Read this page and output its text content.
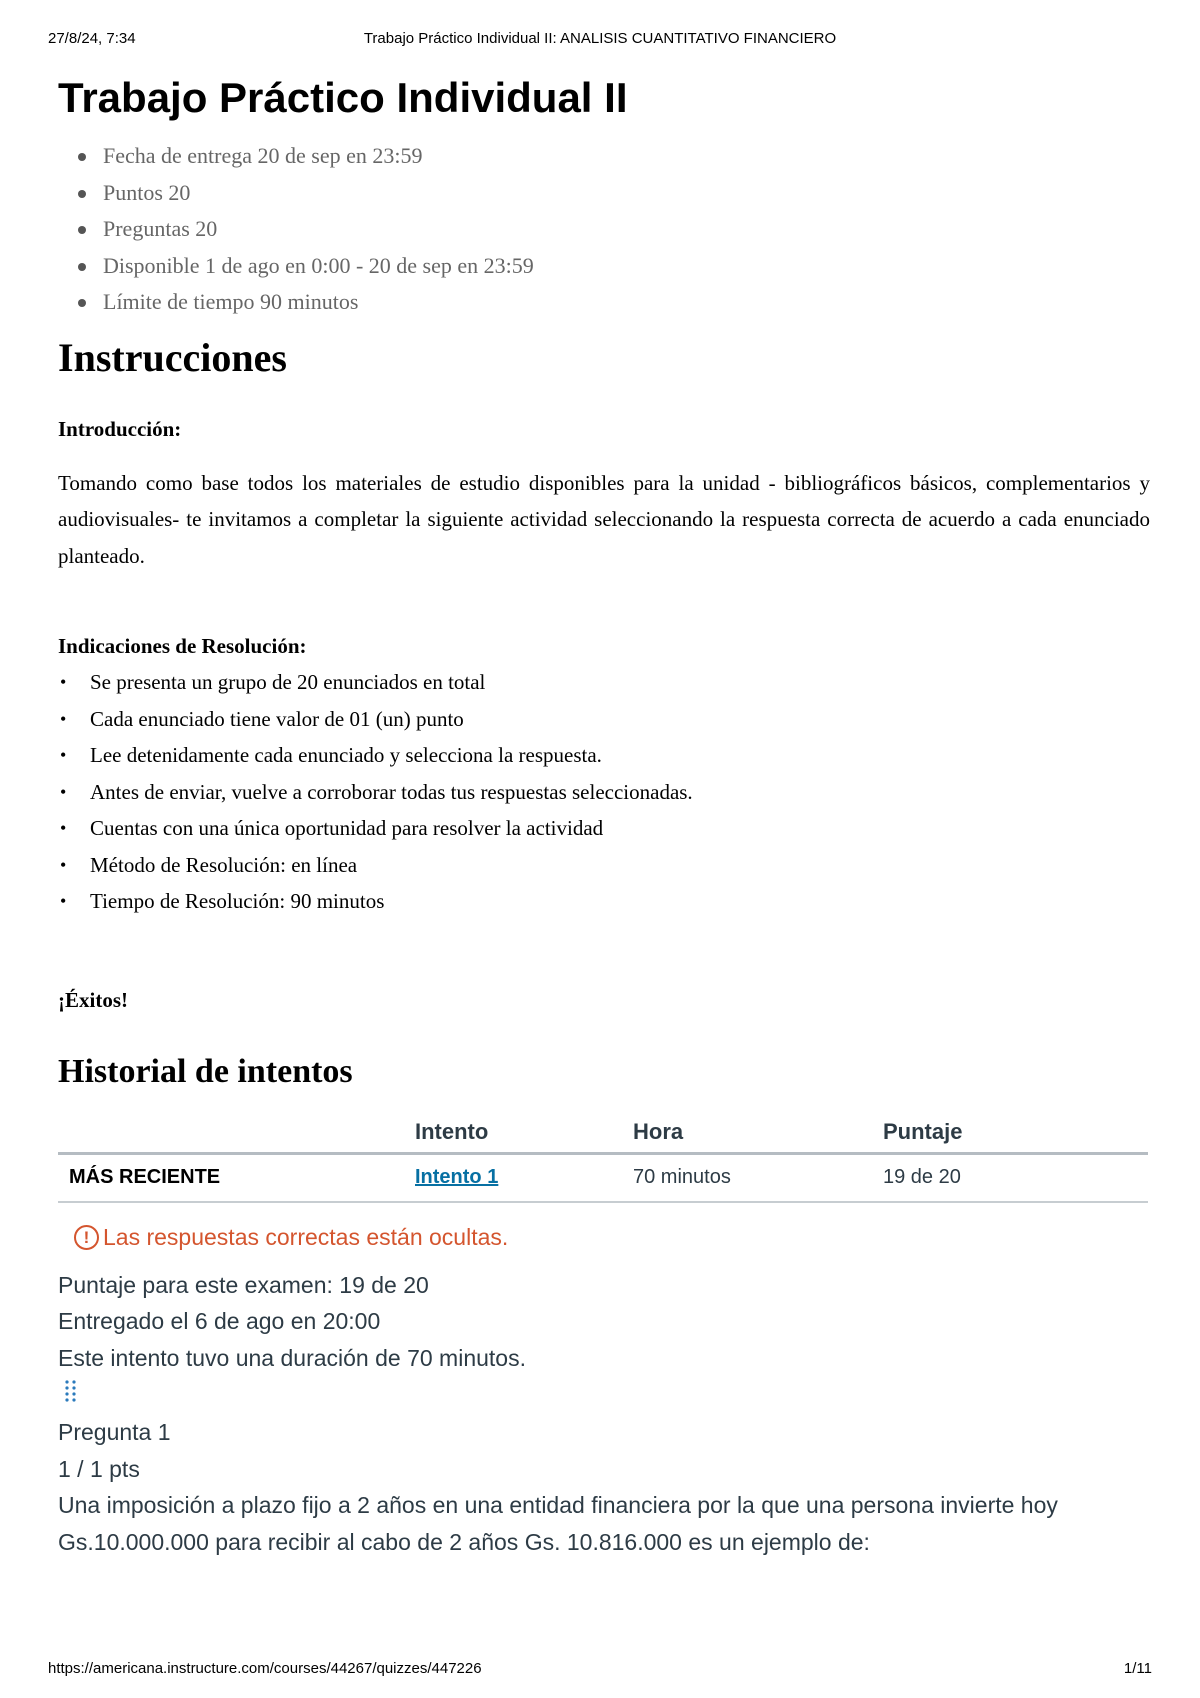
27/8/24, 7:34	Trabajo Práctico Individual II: ANALISIS CUANTITATIVO FINANCIERO
Trabajo Práctico Individual II
Fecha de entrega 20 de sep en 23:59
Puntos 20
Preguntas 20
Disponible 1 de ago en 0:00 - 20 de sep en 23:59
Límite de tiempo 90 minutos
Instrucciones
Introducción:

Tomando como base todos los materiales de estudio disponibles para la unidad - bibliográficos básicos, complementarios y audiovisuales- te invitamos a completar la siguiente actividad seleccionando la respuesta correcta de acuerdo a cada enunciado planteado.

Indicaciones de Resolución:
• Se presenta un grupo de 20 enunciados en total
• Cada enunciado tiene valor de 01 (un) punto
• Lee detenidamente cada enunciado y selecciona la respuesta.
• Antes de enviar, vuelve a corroborar todas tus respuestas seleccionadas.
• Cuentas con una única oportunidad para resolver la actividad
• Método de Resolución: en línea
• Tiempo de Resolución: 90 minutos
¡Éxitos!
Historial de intentos
	Intento	Hora	Puntaje
MÁS RECIENTE	Intento 1	70 minutos	19 de 20
! Las respuestas correctas están ocultas.
Puntaje para este examen: 19 de 20
Entregado el 6 de ago en 20:00
Este intento tuvo una duración de 70 minutos.
Pregunta 1
1 / 1 pts
Una imposición a plazo fijo a 2 años en una entidad financiera por la que una persona invierte hoy Gs.10.000.000 para recibir al cabo de 2 años Gs. 10.816.000 es un ejemplo de:
https://americana.instructure.com/courses/44267/quizzes/447226	1/11
